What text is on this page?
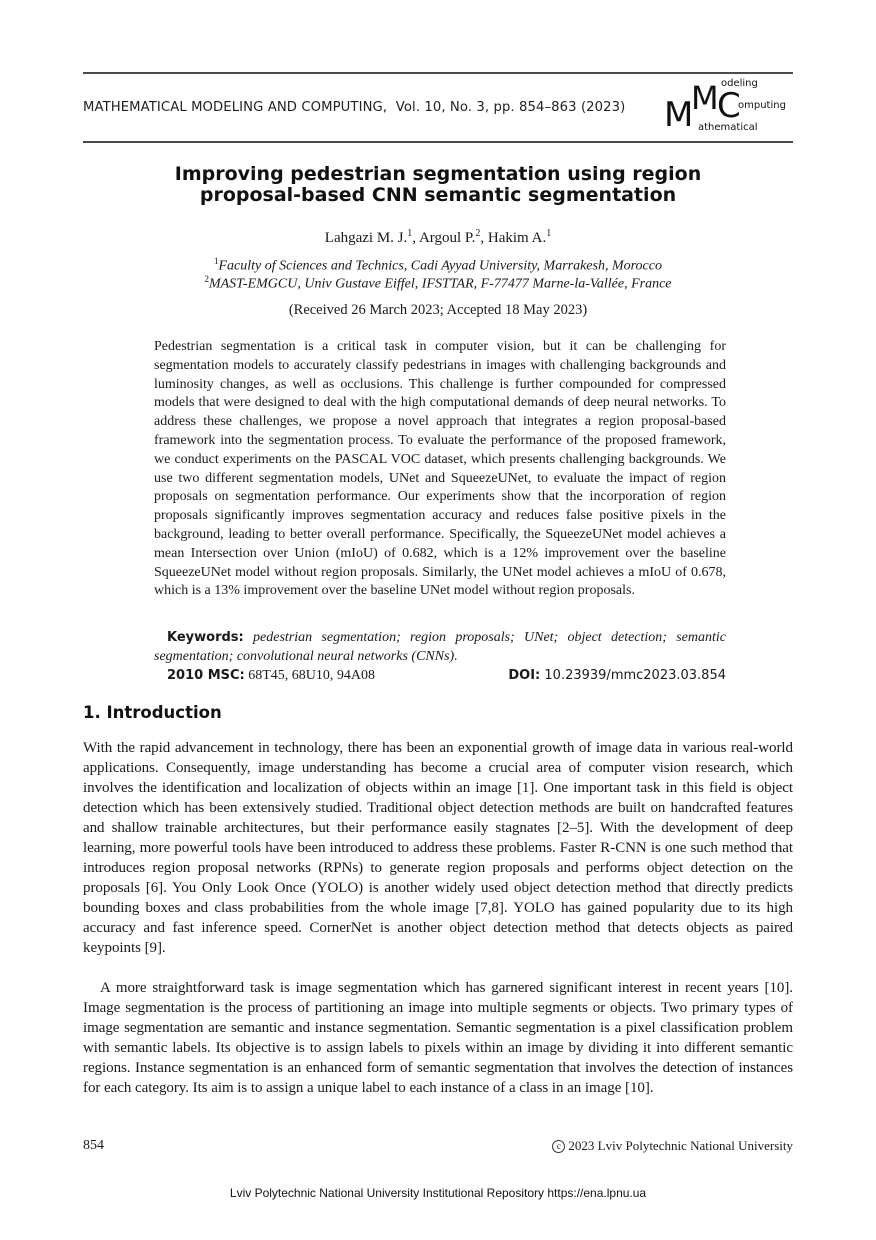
MATHEMATICAL MODELING AND COMPUTING, Vol. 10, No. 3, pp. 854–863 (2023) M
M
C
odeling
omputing
athematical
Improving pedestrian segmentation using region
proposal-based CNN semantic segmentation
Lahgazi M. J.$^1$, Argoul P.$^2$, Hakim A.$^1$
$^1$Faculty of Sciences and Technics, Cadi Ayyad University, Marrakesh, Morocco
$^2$MAST-EMGCU, Univ Gustave Eiffel, IFSTTAR, F-77477 Marne-la-Vallée, France
(Received 26 March 2023; Accepted 18 May 2023)

Pedestrian segmentation is a critical task in computer vision, but it can be challenging for segmentation models to accurately classify pedestrians in images with challenging backgrounds and luminosity changes, as well as occlusions. This challenge is further compounded for compressed models that were designed to deal with the high computational demands of deep neural networks. To address these challenges, we propose a novel approach that integrates a region proposal-based framework into the segmentation process. To evaluate the performance of the proposed framework, we conduct experiments on the PASCAL VOC dataset, which presents challenging backgrounds. We use two different segmentation models, UNet and SqueezeUNet, to evaluate the impact of region proposals on segmentation performance. Our experiments show that the incorporation of region proposals significantly improves segmentation accuracy and reduces false positive pixels in the background, leading to better overall performance. Specifically, the SqueezeUNet model achieves a mean Intersection over Union (mIoU) of 0.682, which is a 12% improvement over the baseline SqueezeUNet model without region proposals. Similarly, the UNet model achieves a mIoU of 0.678, which is a 13% improvement over the baseline UNet model without region proposals.

Keywords: pedestrian segmentation; region proposals; UNet; object detection; semantic segmentation; convolutional neural networks (CNNs).

2010 MSC: 68T45, 68U10, 94A08	DOI: 10.23939/mmc2023.03.854
1. Introduction

With the rapid advancement in technology, there has been an exponential growth of image data in various real-world applications. Consequently, image understanding has become a crucial area of computer vision research, which involves the identification and localization of objects within an image [1]. One important task in this field is object detection which has been extensively studied. Traditional object detection methods are built on handcrafted features and shallow trainable architectures, but their performance easily stagnates [2–5]. With the development of deep learning, more powerful tools have been introduced to address these problems. Faster R-CNN is one such method that introduces region proposal networks (RPNs) to generate region proposals and performs object detection on the proposals [6]. You Only Look Once (YOLO) is another widely used object detection method that directly predicts bounding boxes and class probabilities from the whole image [7,8]. YOLO has gained popularity due to its high accuracy and fast inference speed. CornerNet is another object detection method that detects objects as paired keypoints [9].

A more straightforward task is image segmentation which has garnered significant interest in recent years [10]. Image segmentation is the process of partitioning an image into multiple segments or objects. Two primary types of image segmentation are semantic and instance segmentation. Semantic segmentation is a pixel classification problem with semantic labels. Its objective is to assign labels to pixels within an image by dividing it into different semantic regions. Instance segmentation is an enhanced form of semantic segmentation that involves the detection of instances for each category. Its aim is to assign a unique label to each instance of a class in an image [10].

854	c 2023 Lviv Polytechnic National University
Lviv Polytechnic National University Institutional Repository https://ena.lpnu.ua
